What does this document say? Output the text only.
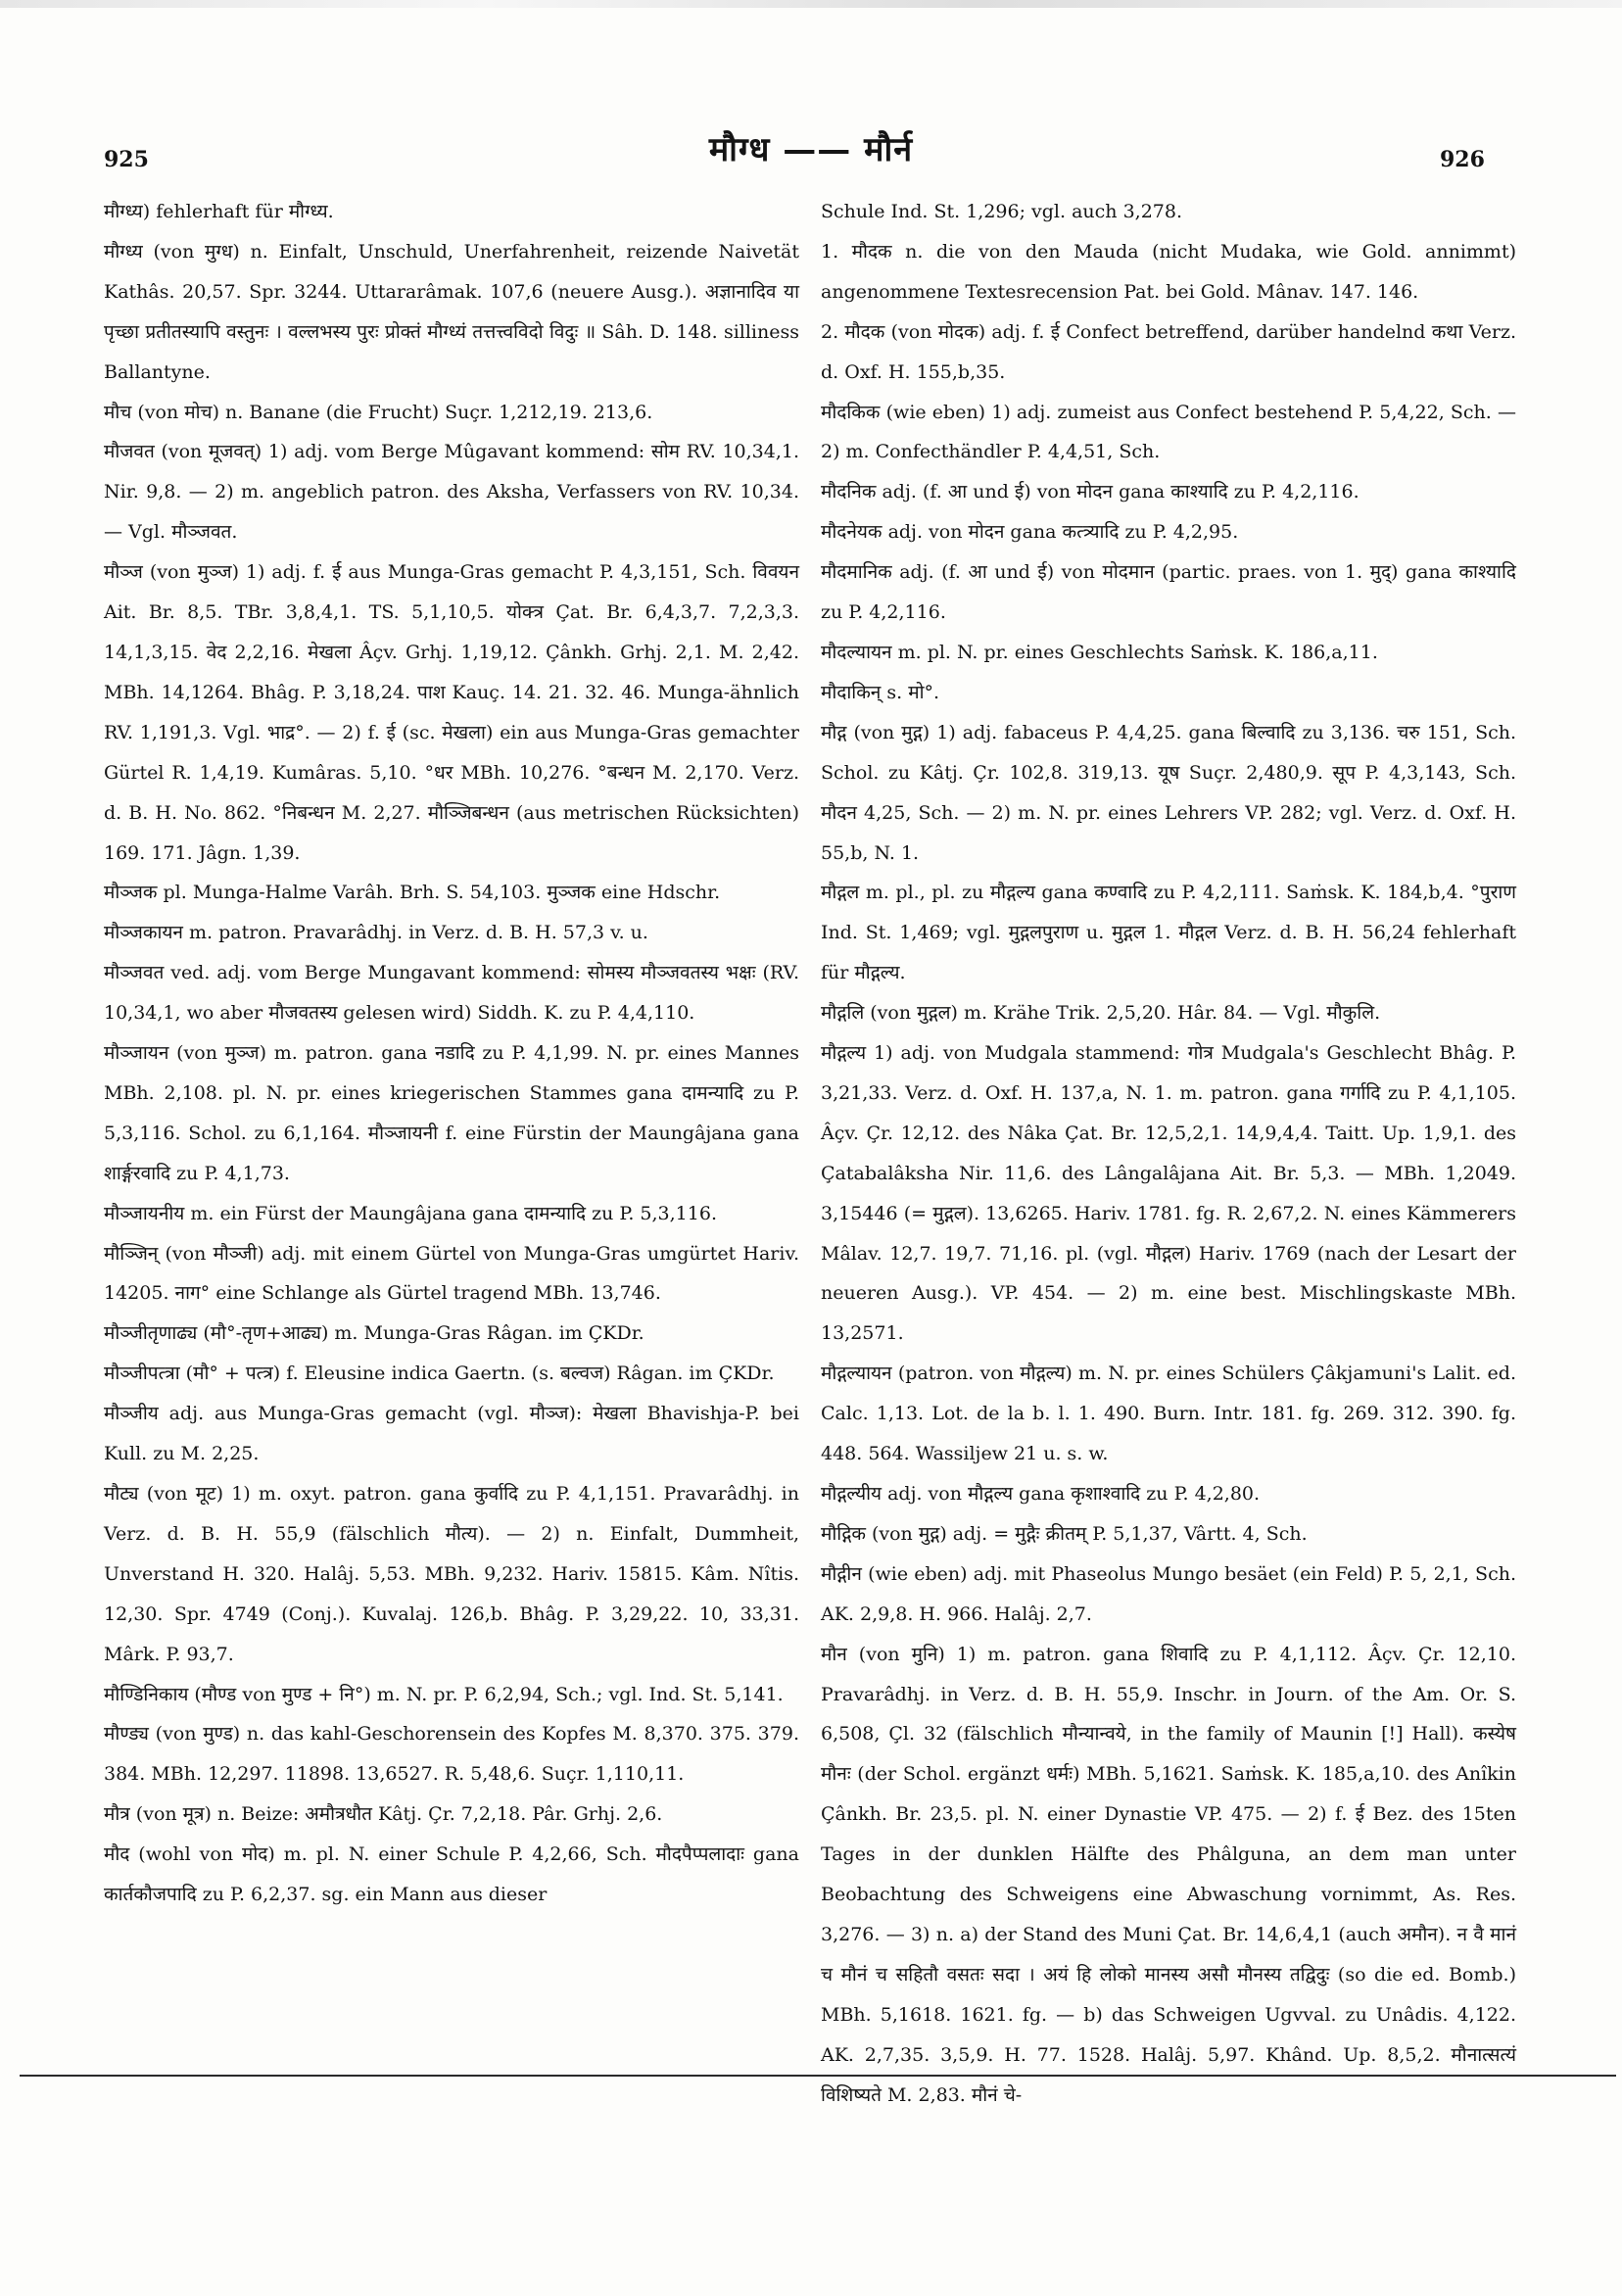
925	मौग्ध —— मौर्न	926

मौग्ध्य) fehlerhaft für मौग्ध्य.

मौग्ध्य (von मुग्ध) n. Einfalt, Unschuld, Unerfahrenheit, reizende Naivetät Kathâs. 20,57. Spr. 3244. Uttararâmak. 107,6 (neuere Ausg.). अज्ञानादिव या पृच्छा प्रतीतस्यापि वस्तुनः । वल्लभस्य पुरः प्रोक्तं मौग्ध्यं तत्तत्त्वविदो विदुः ॥ Sâh. D. 148. silliness Ballantyne.

मौच (von मोच) n. Banane (die Frucht) Suçr. 1,212,19. 213,6.

मौजवत (von मूजवत्) 1) adj. vom Berge Mûgavant kommend: सोम RV. 10,34,1. Nir. 9,8. — 2) m. angeblich patron. des Aksha, Verfassers von RV. 10,34. — Vgl. मौञ्जवत.

मौञ्ज (von मुञ्ज) 1) adj. f. ई aus Munga-Gras gemacht P. 4,3,151, Sch. विवयन Ait. Br. 8,5. TBr. 3,8,4,1. TS. 5,1,10,5. योक्त्र Çat. Br. 6,4,3,7. 7,2,3,3. 14,1,3,15. वेद 2,2,16. मेखला Âçv. Grhj. 1,19,12. Çânkh. Grhj. 2,1. M. 2,42. MBh. 14,1264. Bhâg. P. 3,18,24. पाश Kauç. 14. 21. 32. 46. Munga-ähnlich RV. 1,191,3. Vgl. भाद्र°. — 2) f. ई (sc. मेखला) ein aus Munga-Gras gemachter Gürtel R. 1,4,19. Kumâras. 5,10. °धर MBh. 10,276. °बन्धन M. 2,170. Verz. d. B. H. No. 862. °निबन्धन M. 2,27. मौञ्जिबन्धन (aus metrischen Rücksichten) 169. 171. Jâgn. 1,39.

मौञ्जक pl. Munga-Halme Varâh. Brh. S. 54,103. मुञ्जक eine Hdschr.

मौञ्जकायन m. patron. Pravarâdhj. in Verz. d. B. H. 57,3 v. u.

मौञ्जवत ved. adj. vom Berge Mungavant kommend: सोमस्य मौञ्जवतस्य भक्षः (RV. 10,34,1, wo aber मौजवतस्य gelesen wird) Siddh. K. zu P. 4,4,110.

मौञ्जायन (von मुञ्ज) m. patron. gana नडादि zu P. 4,1,99. N. pr. eines Mannes MBh. 2,108. pl. N. pr. eines kriegerischen Stammes gana दामन्यादि zu P. 5,3,116. Schol. zu 6,1,164. मौञ्जायनी f. eine Fürstin der Maungâjana gana शार्ङ्गरवादि zu P. 4,1,73.

मौञ्जायनीय m. ein Fürst der Maungâjana gana दामन्यादि zu P. 5,3,116.

मौञ्जिन् (von मौञ्जी) adj. mit einem Gürtel von Munga-Gras umgürtet Hariv. 14205. नाग° eine Schlange als Gürtel tragend MBh. 13,746.

मौञ्जीतृणाढ्य (मौ°-तृण+आढ्य) m. Munga-Gras Râgan. im ÇKDr.

मौञ्जीपत्त्रा (मौ° + पत्त्र) f. Eleusine indica Gaertn. (s. बल्वज) Râgan. im ÇKDr.

मौञ्जीय adj. aus Munga-Gras gemacht (vgl. मौञ्ज): मेखला Bhavishja-P. bei Kull. zu M. 2,25.

मौट्य (von मूट) 1) m. oxyt. patron. gana कुर्वादि zu P. 4,1,151. Pravarâdhj. in Verz. d. B. H. 55,9 (fälschlich मौत्य). — 2) n. Einfalt, Dummheit, Unverstand H. 320. Halâj. 5,53. MBh. 9,232. Hariv. 15815. Kâm. Nîtis. 12,30. Spr. 4749 (Conj.). Kuvalaj. 126,b. Bhâg. P. 3,29,22. 10, 33,31. Mârk. P. 93,7.

मौण्डिनिकाय (मौण्ड von मुण्ड + नि°) m. N. pr. P. 6,2,94, Sch.; vgl. Ind. St. 5,141.

मौण्ड्य (von मुण्ड) n. das kahl-Geschorensein des Kopfes M. 8,370. 375. 379. 384. MBh. 12,297. 11898. 13,6527. R. 5,48,6. Suçr. 1,110,11.

मौत्र (von मूत्र) n. Beize: अमौत्रधौत Kâtj. Çr. 7,2,18. Pâr. Grhj. 2,6.

मौद (wohl von मोद) m. pl. N. einer Schule P. 4,2,66, Sch. मौदपैप्पलादाः gana कार्तकौजपादि zu P. 6,2,37. sg. ein Mann aus dieser

Schule Ind. St. 1,296; vgl. auch 3,278.

1. मौदक n. die von den Mauda (nicht Mudaka, wie Gold. annimmt) angenommene Textesrecension Pat. bei Gold. Mânav. 147. 146.

2. मौदक (von मोदक) adj. f. ई Confect betreffend, darüber handelnd कथा Verz. d. Oxf. H. 155,b,35.

मौदकिक (wie eben) 1) adj. zumeist aus Confect bestehend P. 5,4,22, Sch. — 2) m. Confecthändler P. 4,4,51, Sch.

मौदनिक adj. (f. आ und ई) von मोदन gana काश्यादि zu P. 4,2,116.

मौदनेयक adj. von मोदन gana कत्त्र्यादि zu P. 4,2,95.

मौदमानिक adj. (f. आ und ई) von मोदमान (partic. praes. von 1. मुद्) gana काश्यादि zu P. 4,2,116.

मौदल्यायन m. pl. N. pr. eines Geschlechts Saṁsk. K. 186,a,11.

मौदाकिन् s. मो°.

मौद्ग (von मुद्ग) 1) adj. fabaceus P. 4,4,25. gana बिल्वादि zu 3,136. चरु 151, Sch. Schol. zu Kâtj. Çr. 102,8. 319,13. यूष Suçr. 2,480,9. सूप P. 4,3,143, Sch. मौदन 4,25, Sch. — 2) m. N. pr. eines Lehrers VP. 282; vgl. Verz. d. Oxf. H. 55,b, N. 1.

मौद्गल m. pl., pl. zu मौद्गल्य gana कण्वादि zu P. 4,2,111. Saṁsk. K. 184,b,4. °पुराण Ind. St. 1,469; vgl. मुद्गलपुराण u. मुद्गल 1. मौद्गल Verz. d. B. H. 56,24 fehlerhaft für मौद्गल्य.

मौद्गलि (von मुद्गल) m. Krähe Trik. 2,5,20. Hâr. 84. — Vgl. मौकुलि.

मौद्गल्य 1) adj. von Mudgala stammend: गोत्र Mudgala's Geschlecht Bhâg. P. 3,21,33. Verz. d. Oxf. H. 137,a, N. 1. m. patron. gana गर्गादि zu P. 4,1,105. Âçv. Çr. 12,12. des Nâka Çat. Br. 12,5,2,1. 14,9,4,4. Taitt. Up. 1,9,1. des Çatabalâksha Nir. 11,6. des Lângalâjana Ait. Br. 5,3. — MBh. 1,2049. 3,15446 (= मुद्गल). 13,6265. Hariv. 1781. fg. R. 2,67,2. N. eines Kämmerers Mâlav. 12,7. 19,7. 71,16. pl. (vgl. मौद्गल) Hariv. 1769 (nach der Lesart der neueren Ausg.). VP. 454. — 2) m. eine best. Mischlingskaste MBh. 13,2571.

मौद्गल्यायन (patron. von मौद्गल्य) m. N. pr. eines Schülers Çâkjamuni's Lalit. ed. Calc. 1,13. Lot. de la b. l. 1. 490. Burn. Intr. 181. fg. 269. 312. 390. fg. 448. 564. Wassiljew 21 u. s. w.

मौद्गल्यीय adj. von मौद्गल्य gana कृशाश्वादि zu P. 4,2,80.

मौद्गिक (von मुद्ग) adj. = मुद्गैः क्रीतम् P. 5,1,37, Vârtt. 4, Sch.

मौद्गीन (wie eben) adj. mit Phaseolus Mungo besäet (ein Feld) P. 5, 2,1, Sch. AK. 2,9,8. H. 966. Halâj. 2,7.

मौन (von मुनि) 1) m. patron. gana शिवादि zu P. 4,1,112. Âçv. Çr. 12,10. Pravarâdhj. in Verz. d. B. H. 55,9. Inschr. in Journ. of the Am. Or. S. 6,508, Çl. 32 (fälschlich मौन्यान्वये, in the family of Maunin [!] Hall). कस्येष मौनः (der Schol. ergänzt धर्मः) MBh. 5,1621. Saṁsk. K. 185,a,10. des Anîkin Çânkh. Br. 23,5. pl. N. einer Dynastie VP. 475. — 2) f. ई Bez. des 15ten Tages in der dunklen Hälfte des Phâlguna, an dem man unter Beobachtung des Schweigens eine Abwaschung vornimmt, As. Res. 3,276. — 3) n. a) der Stand des Muni Çat. Br. 14,6,4,1 (auch अमौन). न वै मानं च मौनं च सहितौ वसतः सदा । अयं हि लोको मानस्य असौ मौनस्य तद्विदुः (so die ed. Bomb.) MBh. 5,1618. 1621. fg. — b) das Schweigen Ugvval. zu Unâdis. 4,122. AK. 2,7,35. 3,5,9. H. 77. 1528. Halâj. 5,97. Khând. Up. 8,5,2. मौनात्सत्यं विशिष्यते M. 2,83. मौनं चे-
